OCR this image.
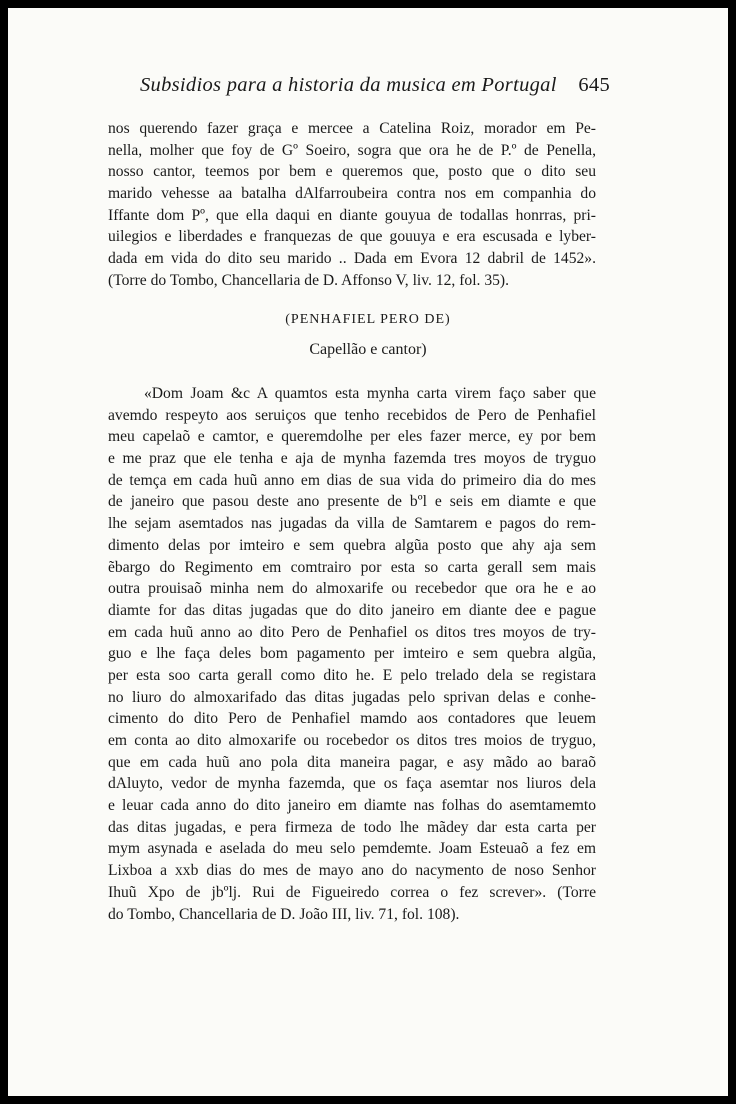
Subsidios para a historia da musica em Portugal 645
nos querendo fazer graça e mercee a Catelina Roiz, morador em Pe-
nella, molher que foy de Gº Soeiro, sogra que ora he de P.º de Penella,
nosso cantor, teemos por bem e queremos que, posto que o dito seu
marido vehesse aa batalha dAlfarroubeira contra nos em companhia do
Iffante dom Pº, que ella daqui en diante gouyua de todallas honrras, pri-
uilegios e liberdades e franquezas de que gouuya e era escusada e lyber-
dada em vida do dito seu marido .. Dada em Evora 12 dabril de 1452».
(Torre do Tombo, Chancellaria de D. Affonso V, liv. 12, fol. 35).
(PENHAFIEL PERO DE)
Capellão e cantor)
«Dom Joam &c A quamtos esta mynha carta virem faço saber que
avemdo respeyto aos seruiços que tenho recebidos de Pero de Penhafiel
meu capelaõ e camtor, e queremdolhe per eles fazer merce, ey por bem
e me praz que ele tenha e aja de mynha fazemda tres moyos de tryguo
de temça em cada huũ anno em dias de sua vida do primeiro dia do mes
de janeiro que pasou deste ano presente de bºl e seis em diamte e que
lhe sejam asemtados nas jugadas da villa de Samtarem e pagos do rem-
dimento delas por imteiro e sem quebra algũa posto que ahy aja sem
ẽbargo do Regimento em comtrairo por esta so carta gerall sem mais
outra prouisaõ minha nem do almoxarife ou recebedor que ora he e ao
diamte for das ditas jugadas que do dito janeiro em diante dee e pague
em cada huũ anno ao dito Pero de Penhafiel os ditos tres moyos de try-
guo e lhe faça deles bom pagamento per imteiro e sem quebra algũa,
per esta soo carta gerall como dito he. E pelo trelado dela se registara
no liuro do almoxarifado das ditas jugadas pelo sprivan delas e conhe-
cimento do dito Pero de Penhafiel mamdo aos contadores que leuem
em conta ao dito almoxarife ou rocebedor os ditos tres moios de tryguo,
que em cada huũ ano pola dita maneira pagar, e asy mãdo ao baraõ
dAluyto, vedor de mynha fazemda, que os faça asemtar nos liuros dela
e leuar cada anno do dito janeiro em diamte nas folhas do asemtamemto
das ditas jugadas, e pera firmeza de todo lhe mãdey dar esta carta per
mym asynada e aselada do meu selo pemdemte. Joam Esteuaõ a fez em
Lixboa a xxb dias do mes de mayo ano do nacymento de noso Senhor
Ihuũ Xpo de jbºlj. Rui de Figueiredo correa o fez screver». (Torre
do Tombo, Chancellaria de D. João III, liv. 71, fol. 108).
